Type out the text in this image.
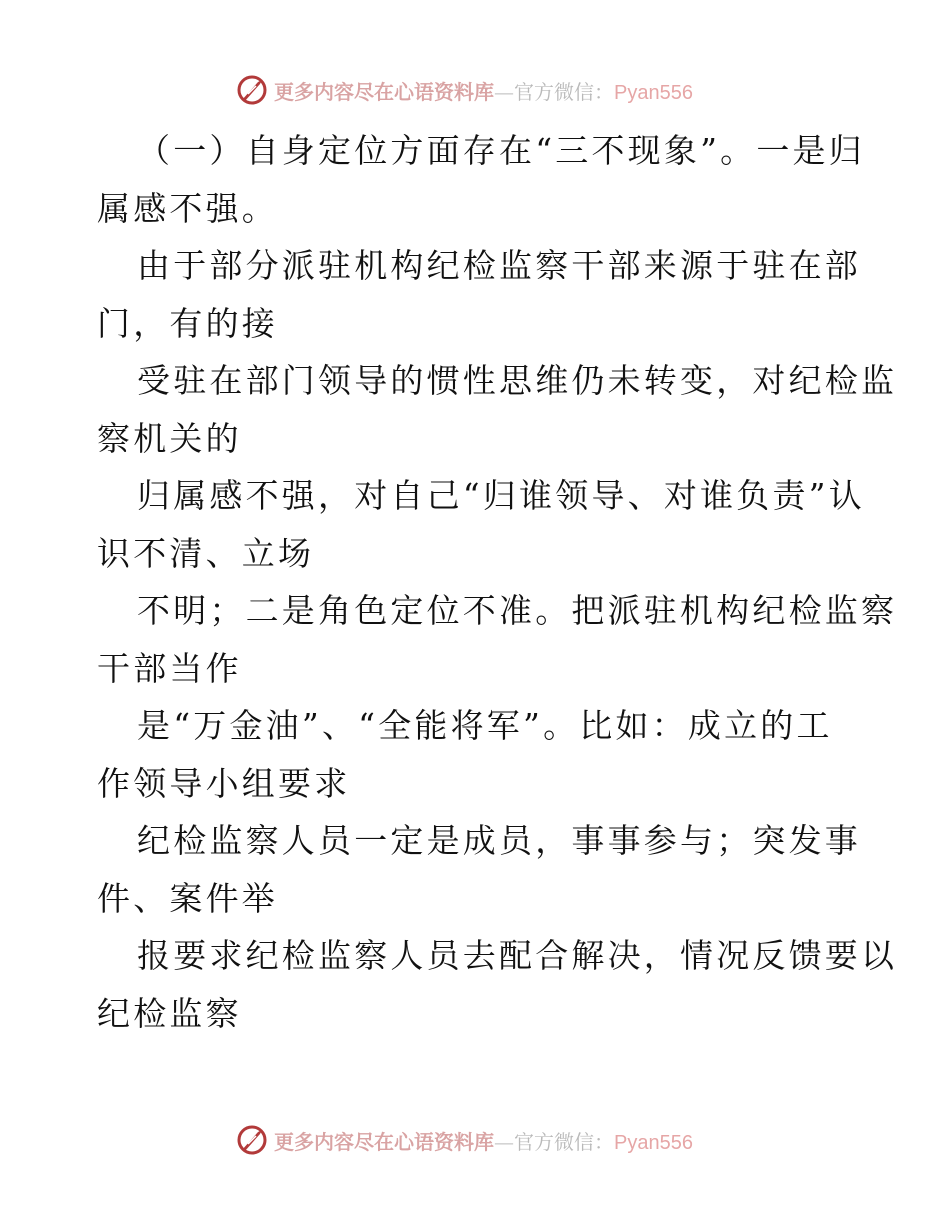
更多内容尽在心语资料库—官方微信：Pyan556
（一）自身定位方面存在“三不现象”。一是归
属感不强。
由于部分派驻机构纪检监察干部来源于驻在部
门，有的接
受驻在部门领导的惯性思维仍未转变，对纪检监
察机关的
归属感不强，对自己“归谁领导、对谁负责”认
识不清、立场
不明；二是角色定位不准。把派驻机构纪检监察
干部当作
是“万金油”、“全能将军”。比如：成立的工
作领导小组要求
纪检监察人员一定是成员，事事参与；突发事
件、案件举
报要求纪检监察人员去配合解决，情况反馈要以
纪检监察
更多内容尽在心语资料库—官方微信：Pyan556
